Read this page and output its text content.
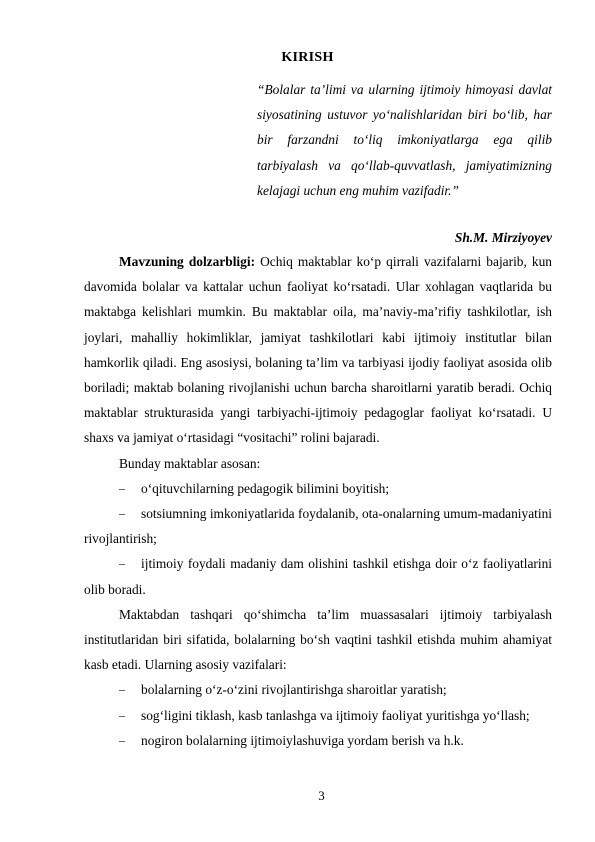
KIRISH
“Bolalar ta’limi va ularning ijtimoiy himoyasi davlat siyosatining ustuvor yo‘nalishlaridan biri bo‘lib, har bir farzandni to‘liq imkoniyatlarga ega qilib tarbiyalash va qo‘llab-quvvatlash, jamiyatimizning kelajagi uchun eng muhim vazifadir.”
Sh.M. Mirziyoyev

Mavzuning dolzarbligi: Ochiq maktablar ko‘p qirrali vazifalarni bajarib, kun davomida bolalar va kattalar uchun faoliyat ko‘rsatadi. Ular xohlagan vaqtlarida bu maktabga kelishlari mumkin. Bu maktablar oila, ma’naviy-ma’rifiy tashkilotlar, ish joylari, mahalliy hokimliklar, jamiyat tashkilotlari kabi ijtimoiy institutlar bilan hamkorlik qiladi. Eng asosiysi, bolaning ta’lim va tarbiyasi ijodiy faoliyat asosida olib boriladi; maktab bolaning rivojlanishi uchun barcha sharoitlarni yaratib beradi. Ochiq maktablar strukturasida yangi tarbiyachi-ijtimoiy pedagoglar faoliyat ko‘rsatadi. U shaxs va jamiyat o‘rtasidagi “vositachi” rolini bajaradi.

Bunday maktablar asosan:

– o‘qituvchilarning pedagogik bilimini boyitish;

– sotsiumning imkoniyatlarida foydalanib, ota-onalarning umum-madaniyatini rivojlantirish;

– ijtimoiy foydali madaniy dam olishini tashkil etishga doir o‘z faoliyatlarini olib boradi.

Maktabdan tashqari qo‘shimcha ta’lim muassasalari ijtimoiy tarbiyalash institutlaridan biri sifatida, bolalarning bo‘sh vaqtini tashkil etishda muhim ahamiyat kasb etadi. Ularning asosiy vazifalari:

– bolalarning o‘z-o‘zini rivojlantirishga sharoitlar yaratish;

– sog‘ligini tiklash, kasb tanlashga va ijtimoiy faoliyat yuritishga yo‘llash;

– nogiron bolalarning ijtimoiylashuviga yordam berish va h.k.

3
